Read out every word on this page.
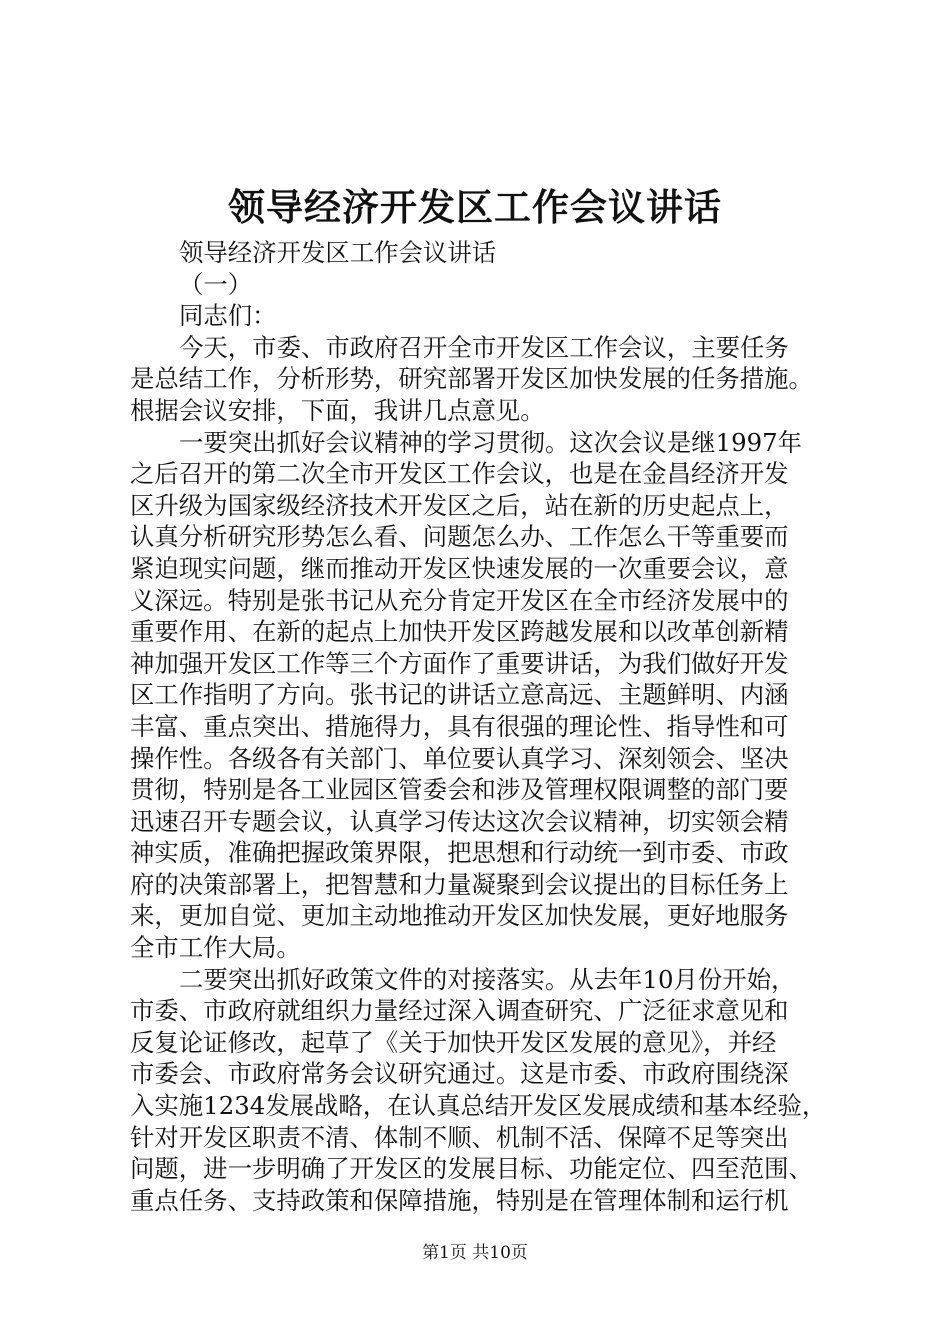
领导经济开发区工作会议讲话
领导经济开发区工作会议讲话
（一）
同志们：
今天，市委、市政府召开全市开发区工作会议，主要任务
是总结工作，分析形势，研究部署开发区加快发展的任务措施。
根据会议安排，下面，我讲几点意见。
一要突出抓好会议精神的学习贯彻。这次会议是继1997年
之后召开的第二次全市开发区工作会议，也是在金昌经济开发
区升级为国家级经济技术开发区之后，站在新的历史起点上，
认真分析研究形势怎么看、问题怎么办、工作怎么干等重要而
紧迫现实问题，继而推动开发区快速发展的一次重要会议，意
义深远。特别是张书记从充分肯定开发区在全市经济发展中的
重要作用、在新的起点上加快开发区跨越发展和以改革创新精
神加强开发区工作等三个方面作了重要讲话，为我们做好开发
区工作指明了方向。张书记的讲话立意高远、主题鲜明、内涵
丰富、重点突出、措施得力，具有很强的理论性、指导性和可
操作性。各级各有关部门、单位要认真学习、深刻领会、坚决
贯彻，特别是各工业园区管委会和涉及管理权限调整的部门要
迅速召开专题会议，认真学习传达这次会议精神，切实领会精
神实质，准确把握政策界限，把思想和行动统一到市委、市政
府的决策部署上，把智慧和力量凝聚到会议提出的目标任务上
来，更加自觉、更加主动地推动开发区加快发展，更好地服务
全市工作大局。
二要突出抓好政策文件的对接落实。从去年10月份开始，
市委、市政府就组织力量经过深入调查研究、广泛征求意见和
反复论证修改，起草了《关于加快开发区发展的意见》，并经
市委会、市政府常务会议研究通过。这是市委、市政府围绕深
入实施1234发展战略，在认真总结开发区发展成绩和基本经验，
针对开发区职责不清、体制不顺、机制不活、保障不足等突出
问题，进一步明确了开发区的发展目标、功能定位、四至范围、
重点任务、支持政策和保障措施，特别是在管理体制和运行机
第1页 共10页
